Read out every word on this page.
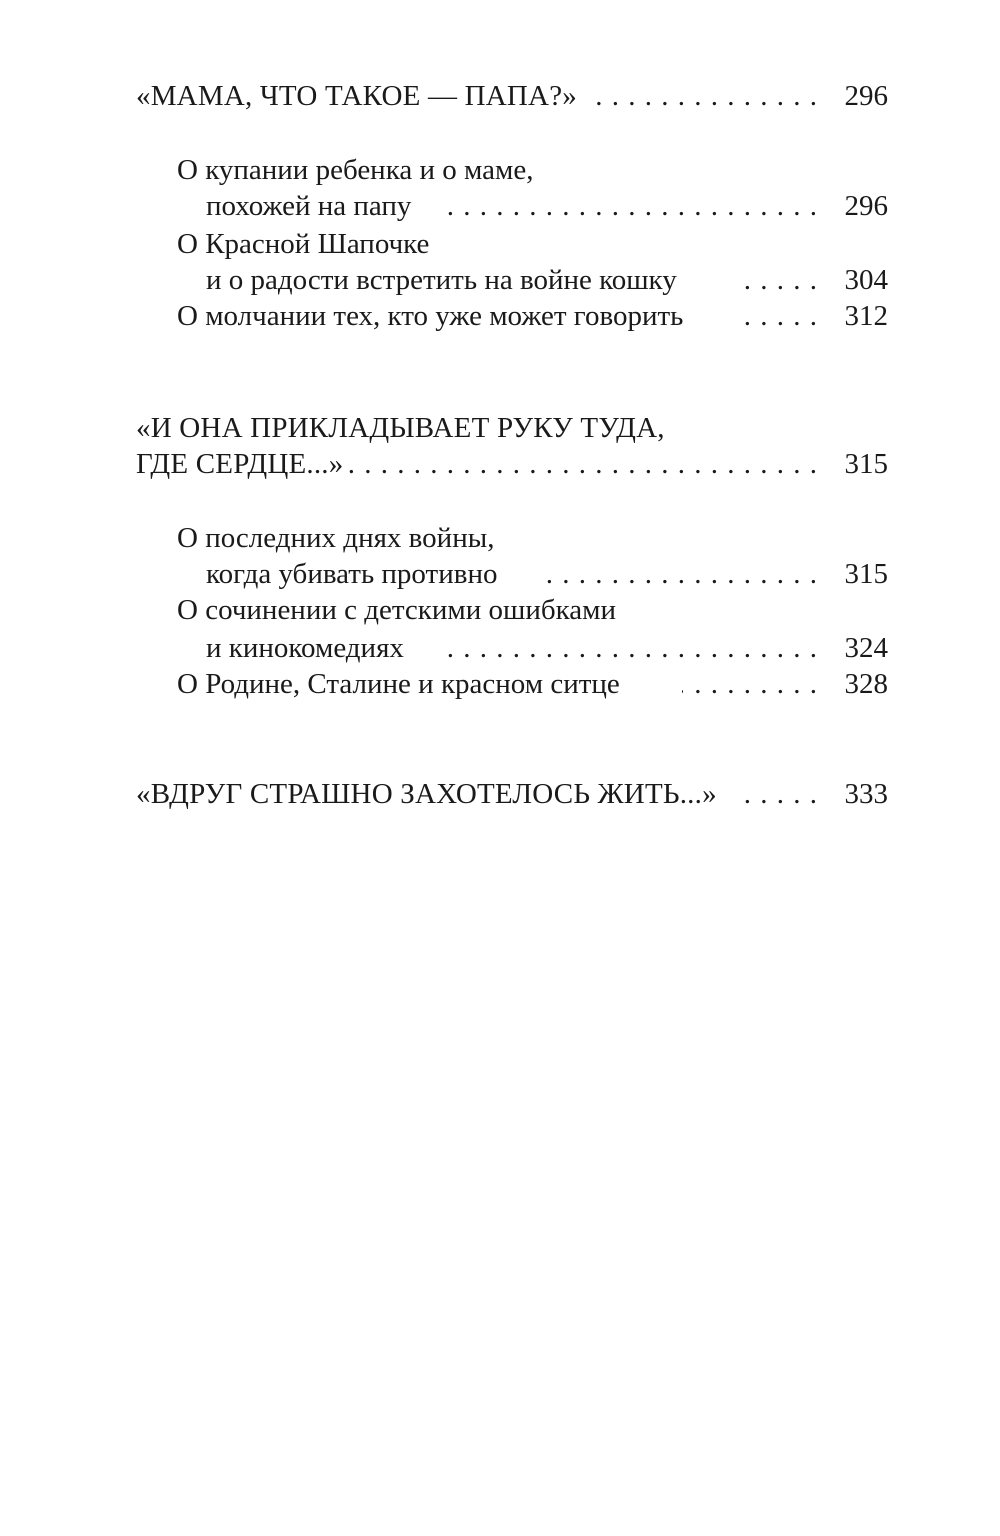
«МАМА, ЧТО ТАКОЕ — ПАПА?» . . .	296
О купании ребенка и о маме,
похожей на папу . . .	296
О Красной Шапочке
и о радости встретить на войне кошку . . .	304
О молчании тех, кто уже может говорить . . .	312
«И ОНА ПРИКЛАДЫВАЕТ РУКУ ТУДА,
ГДЕ СЕРДЦЕ...» . . .	315
О последних днях войны,
когда убивать противно . . .	315
О сочинении с детскими ошибками
и кинокомедиях . . .	324
О Родине, Сталине и красном ситце . . .	328
«ВДРУГ СТРАШНО ЗАХОТЕЛОСЬ ЖИТЬ...» . . .	333
